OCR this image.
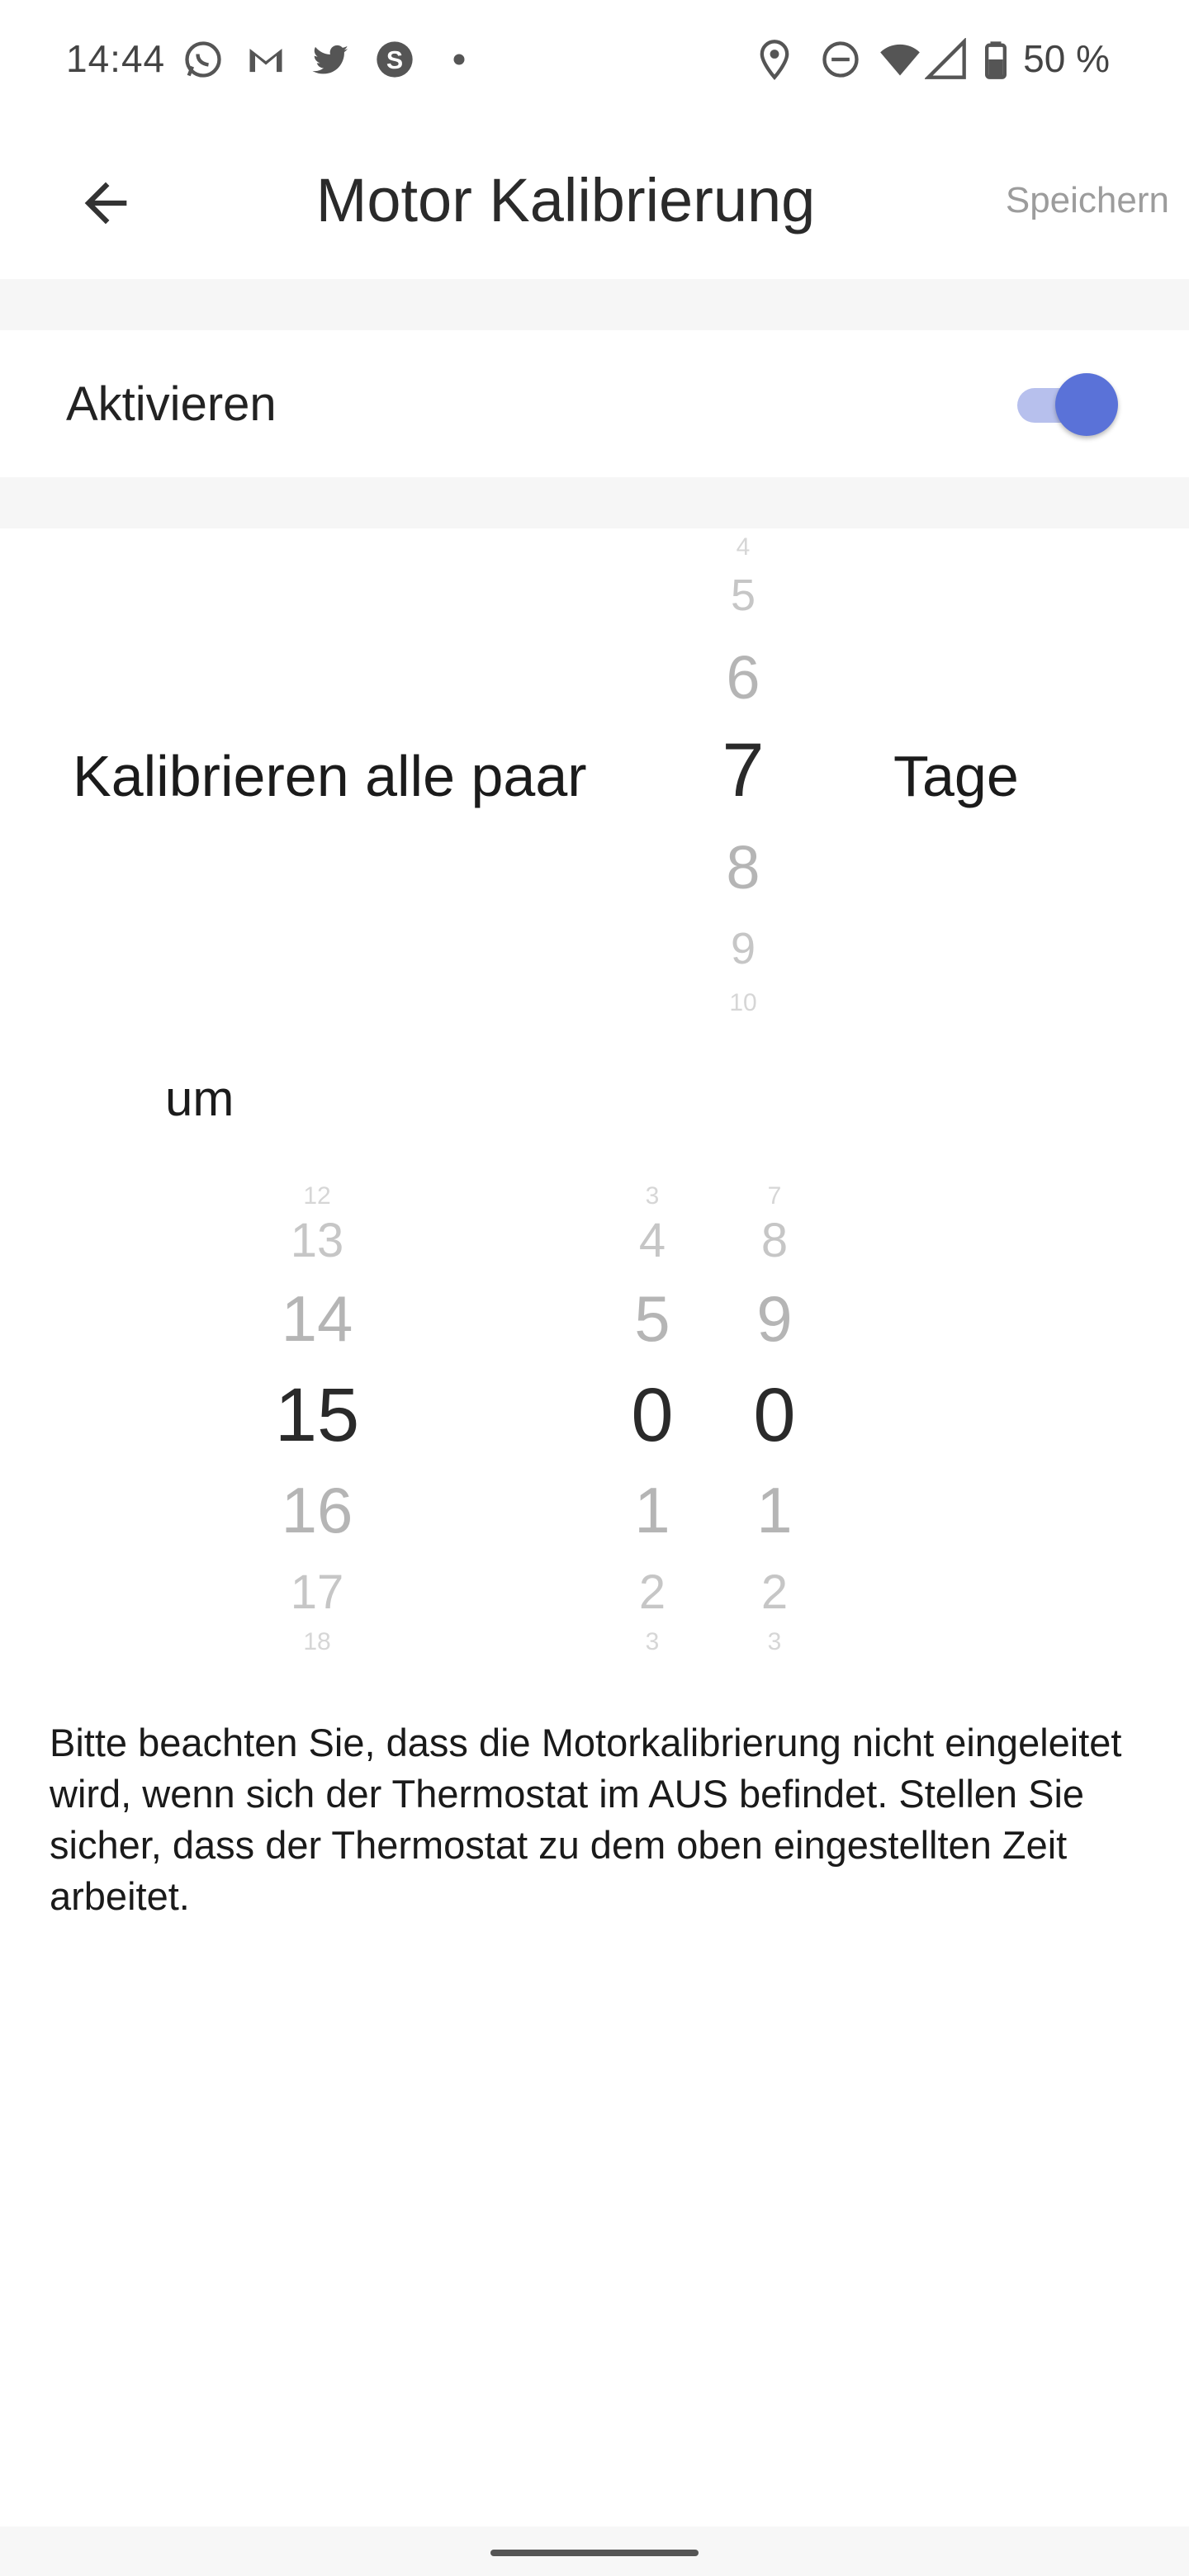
14:44	S	50 %
Motor Kalibrierung	Speichern
Aktivieren
Kalibrieren alle paar
4
5
6
7
8
9
10
Tage
um
12
13
14
15
16
17
18
3
4
5
0
1
2
3
7
8
9
0
1
2
3

Bitte beachten Sie, dass die Motorkalibrierung nicht eingeleitet wird, wenn sich der Thermostat im AUS befindet. Stellen Sie sicher, dass der Thermostat zu dem oben eingestellten Zeit arbeitet.
